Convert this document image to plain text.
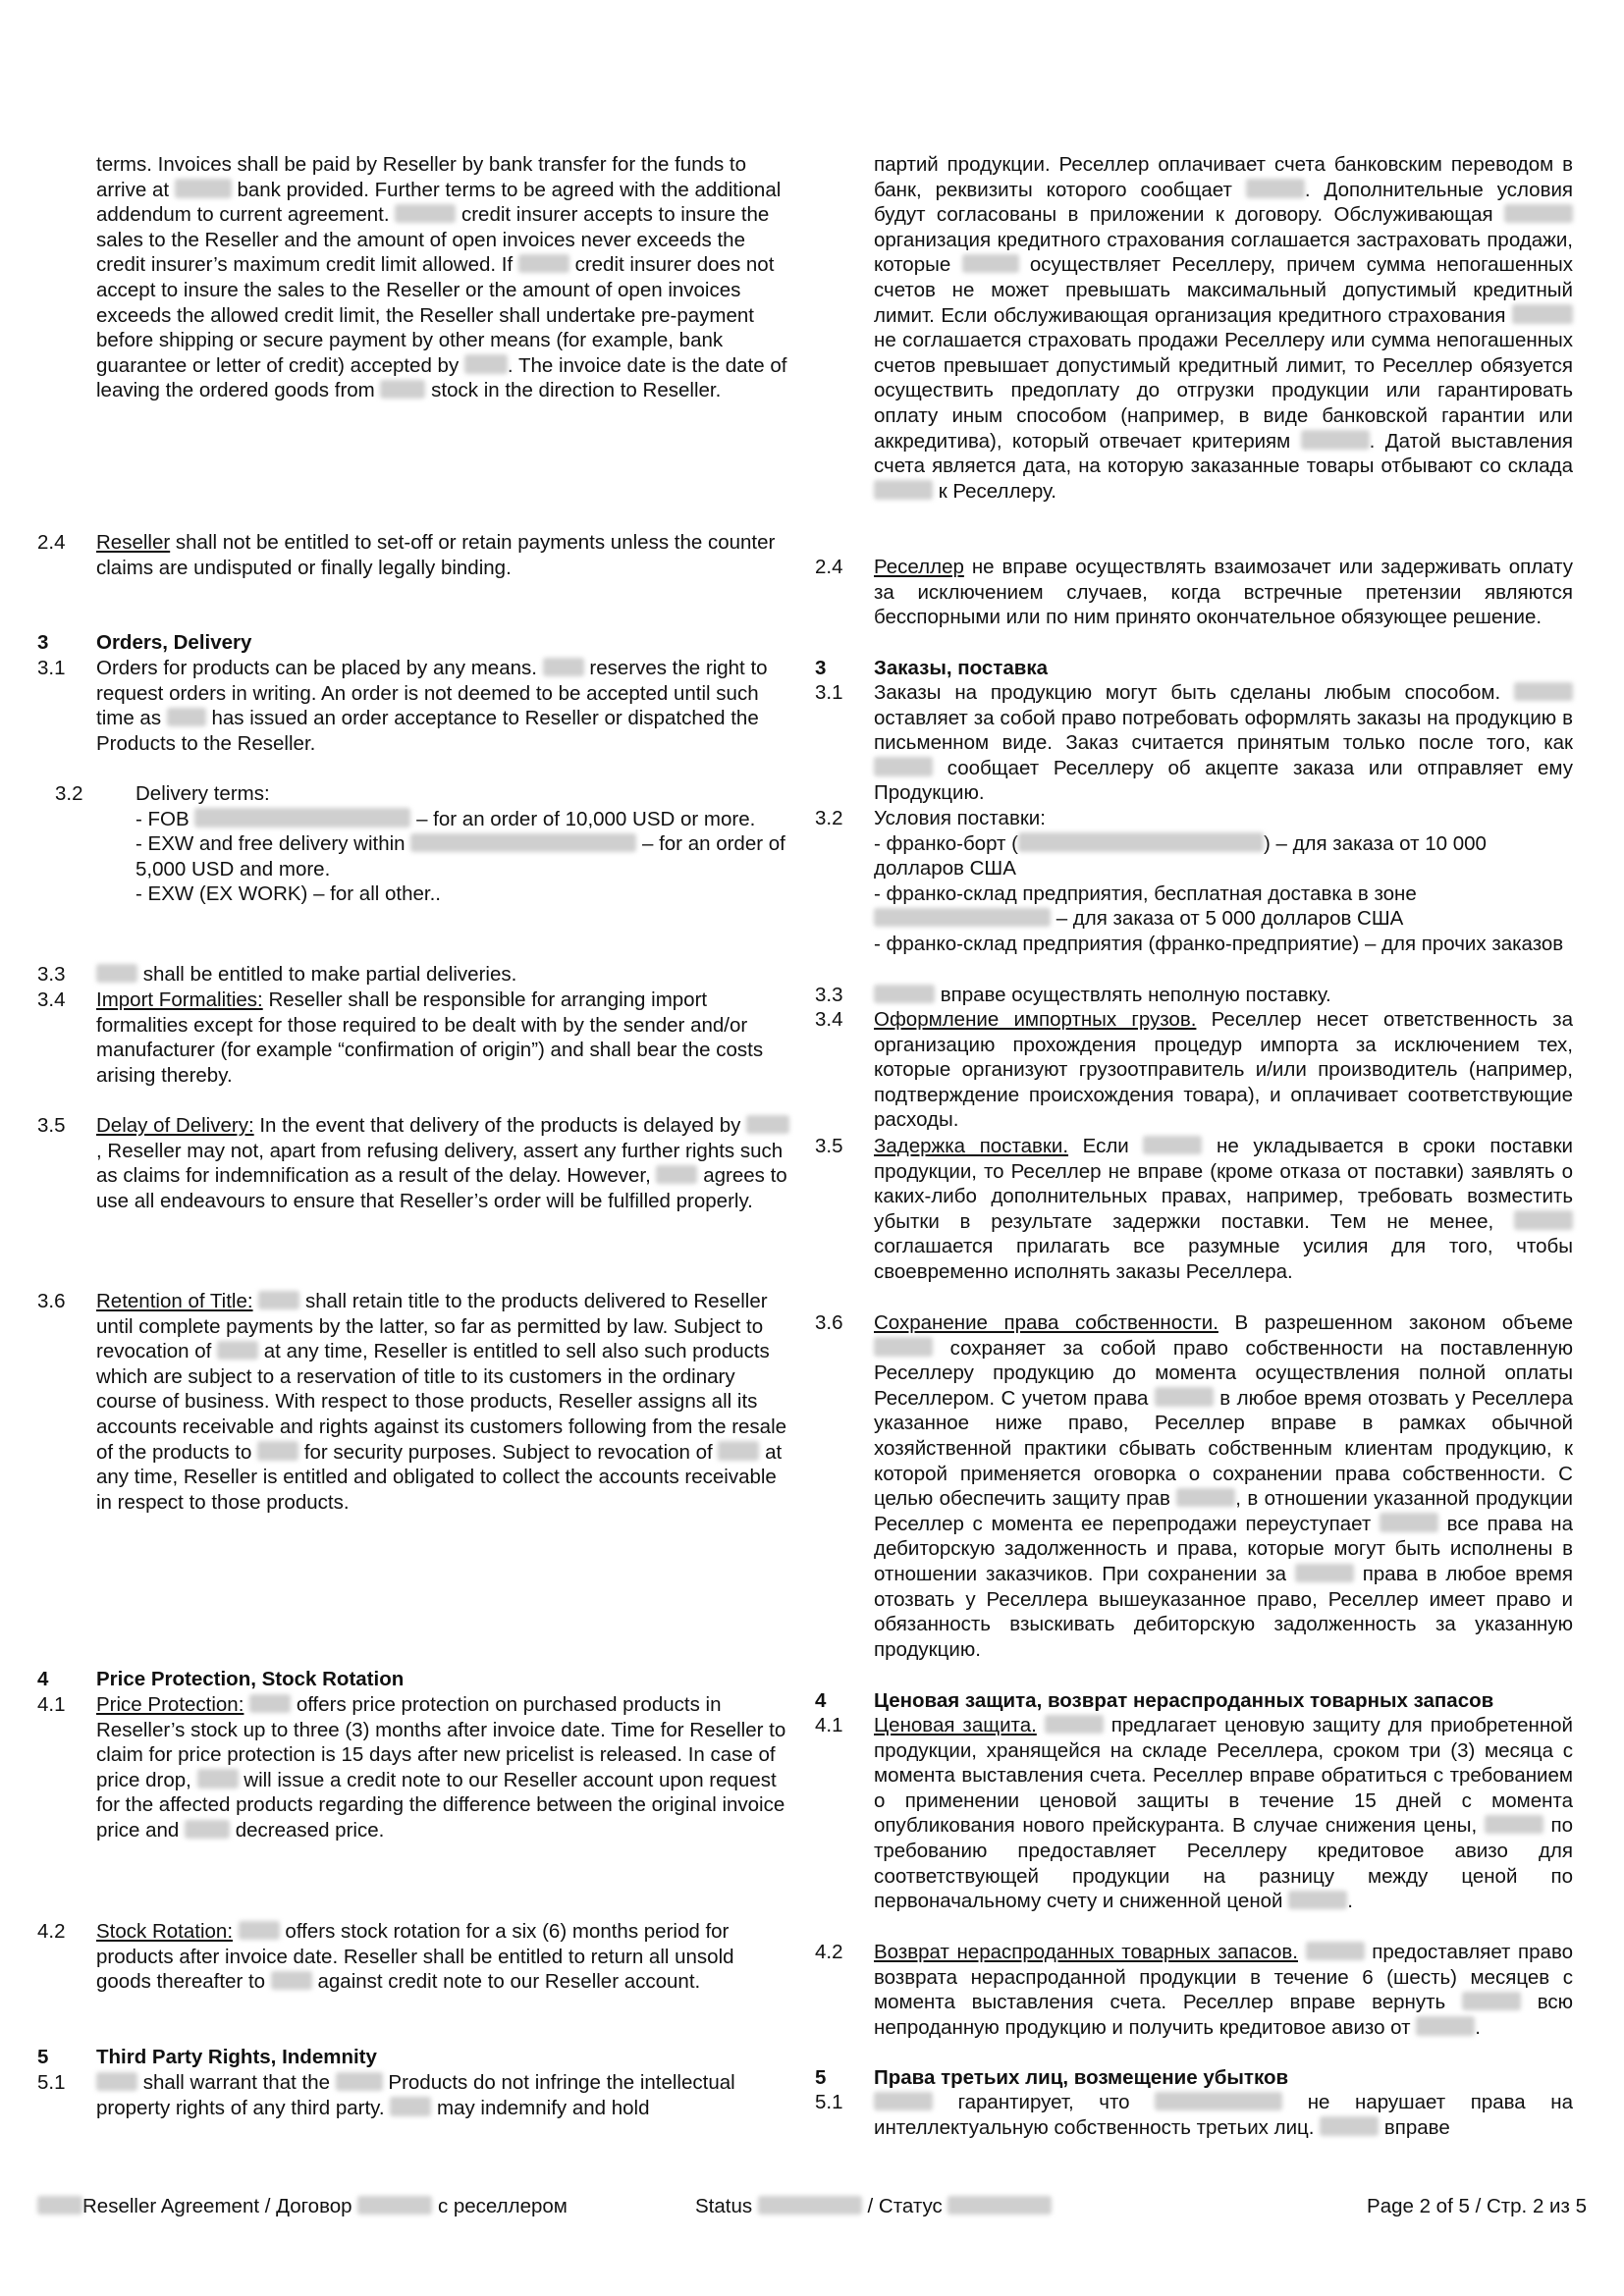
terms. Invoices shall be paid by Reseller by bank transfer for the funds to arrive at	bank provided. Further terms to be agreed with the additional addendum to current agreement.	credit insurer accepts to insure the sales to the Reseller and the amount of open invoices never exceeds the credit insurer’s maximum credit limit allowed. If	credit insurer does not accept to insure the sales to the Reseller or the amount of open invoices exceeds the allowed credit limit, the Reseller shall undertake pre-payment before shipping or secure payment by other means (for example, bank guarantee or letter of credit) accepted by . The invoice date is the date of leaving the ordered goods from	stock in the direction to Reseller.

2.4	Reseller shall not be entitled to set-off or retain payments unless the counter claims are undisputed or finally legally binding.

3	Orders, Delivery
3.1	Orders for products can be placed by any means.	reserves the right to request orders in writing. An order is not deemed to be accepted until such time as	has issued an order acceptance to Reseller or dispatched the Products to the Reseller.

3.2	Delivery terms:

- FOB	– for an order of 10,000 USD or more.

- EXW and free delivery within	– for an order of 5,000 USD and more.

- EXW (EX WORK) – for all other..

3.3	shall be entitled to make partial deliveries.

3.4	Import Formalities: Reseller shall be responsible for arranging import formalities except for those required to be dealt with by the sender and/or manufacturer (for example “confirmation of origin”) and shall bear the costs arising thereby.

3.5	Delay of Delivery: In the event that delivery of the products is delayed by , Reseller may not, apart from refusing delivery, assert any further rights such as claims for indemnification as a result of the delay. However,	agrees to use all endeavours to ensure that Reseller’s order will be fulfilled properly.

3.6	Retention of Title:	shall retain title to the products delivered to Reseller until complete payments by the latter, so far as permitted by law. Subject to revocation of	at any time, Reseller is entitled to sell also such products which are subject to a reservation of title to its customers in the ordinary course of business. With respect to those products, Reseller assigns all its accounts receivable and rights against its customers following from the resale of the products to	for security purposes. Subject to revocation of	at any time, Reseller is entitled and obligated to collect the accounts receivable in respect to those products.

4	Price Protection, Stock Rotation
4.1	Price Protection:	offers price protection on purchased products in Reseller’s stock up to three (3) months after invoice date. Time for Reseller to claim for price protection is 15 days after new pricelist is released. In case of price drop,	will issue a credit note to our Reseller account upon request for the affected products regarding the difference between the original invoice price and	decreased price.

4.2	Stock Rotation:	offers stock rotation for a six (6) months period for products after invoice date. Reseller shall be entitled to return all unsold goods thereafter to	against credit note to our Reseller account.

5	Third Party Rights, Indemnity
5.1	shall warrant that the	Products do not infringe the intellectual property rights of any third party.	may indemnify and hold

партий продукции. Реселлер оплачивает счета банковским переводом в банк, реквизиты которого сообщает	. Дополнительные условия будут согласованы в приложении к договору. Обслуживающая  организация кредитного страхования соглашается застраховать продажи, которые	осуществляет Реселлеру, причем сумма непогашенных счетов не может превышать максимальный допустимый кредитный лимит. Если обслуживающая организация кредитного страхования  не соглашается страховать продажи Реселлеру или сумма непогашенных счетов превышает допустимый кредитный лимит, то Реселлер обязуется осуществить предоплату до отгрузки продукции или гарантировать оплату иным способом (например, в виде банковской гарантии или аккредитива), который отвечает критериям	. Датой выставления счета является дата, на которую заказанные товары отбывают со склада  к Реселлеру.

2.4	Реселлер не вправе осуществлять взаимозачет или задерживать оплату за исключением случаев, когда встречные претензии являются бесспорными или по ним принято окончательное обязующее решение.

3	Заказы, поставка
3.1	Заказы на продукцию могут быть сделаны любым способом.  оставляет за собой право потребовать оформлять заказы на продукцию в письменном виде. Заказ считается принятым только после того, как  сообщает Реселлеру об акцепте заказа или отправляет ему Продукцию.

3.2	Условия поставки:

- франко-борт (	) – для заказа от 10 000 долларов США

- франко-склад предприятия, бесплатная доставка в зоне  – для заказа от 5 000 долларов США

- франко-склад предприятия (франко-предприятие) – для прочих заказов

3.3	вправе осуществлять неполную поставку.

3.4	Оформление импортных грузов. Реселлер несет ответственность за организацию прохождения процедур импорта за исключением тех, которые организуют грузоотправитель и/или производитель (например, подтверждение происхождения товара), и оплачивает соответствующие расходы.

3.5	Задержка поставки. Если	не укладывается в сроки поставки продукции, то Реселлер не вправе (кроме отказа от поставки) заявлять о каких-либо дополнительных правах, например, требовать возместить убытки в результате задержки поставки. Тем не менее,  соглашается прилагать все разумные усилия для того, чтобы своевременно исполнять заказы Реселлера.

3.6	Сохранение права собственности. В разрешенном законом объеме  сохраняет за собой право собственности на поставленную Реселлеру продукцию до момента осуществления полной оплаты Реселлером. С учетом права	в любое время отозвать у Реселлера указанное ниже право, Реселлер вправе в рамках обычной хозяйственной практики сбывать собственным клиентам продукцию, к которой применяется оговорка о сохранении права собственности. С целью обеспечить защиту прав	, в отношении указанной продукции Реселлер с момента ее перепродажи переуступает	все права на дебиторскую задолженность и права, которые могут быть исполнены в отношении заказчиков. При сохранении за	права в любое время отозвать у Реселлера вышеуказанное право, Реселлер имеет право и обязанность взыскивать дебиторскую задолженность за указанную продукцию.

4	Ценовая защита, возврат нераспроданных товарных запасов
4.1	Ценовая защита.	предлагает ценовую защиту для приобретенной продукции, хранящейся на складе Реселлера, сроком три (3) месяца с момента выставления счета. Реселлер вправе обратиться с требованием о применении ценовой защиты в течение 15 дней с момента опубликования нового прейскуранта. В случае снижения цены,	по требованию предоставляет Реселлеру кредитовое авизо для соответствующей продукции на разницу между ценой по первоначальному счету и сниженной ценой	.

4.2	Возврат нераспроданных товарных запасов.	предоставляет право возврата нераспроданной продукции в течение 6 (шесть) месяцев с момента выставления счета. Реселлер вправе вернуть	всю непроданную продукцию и получить кредитовое авизо от	.

5	Права третьих лиц, возмещение убытков
5.1	гарантирует, что	не нарушает права на интеллектуальную собственность третьих лиц.	вправе

Reseller Agreement / Договор	с реселлером	Status	/ Статус	Page 2 of 5 / Стр. 2 из 5
